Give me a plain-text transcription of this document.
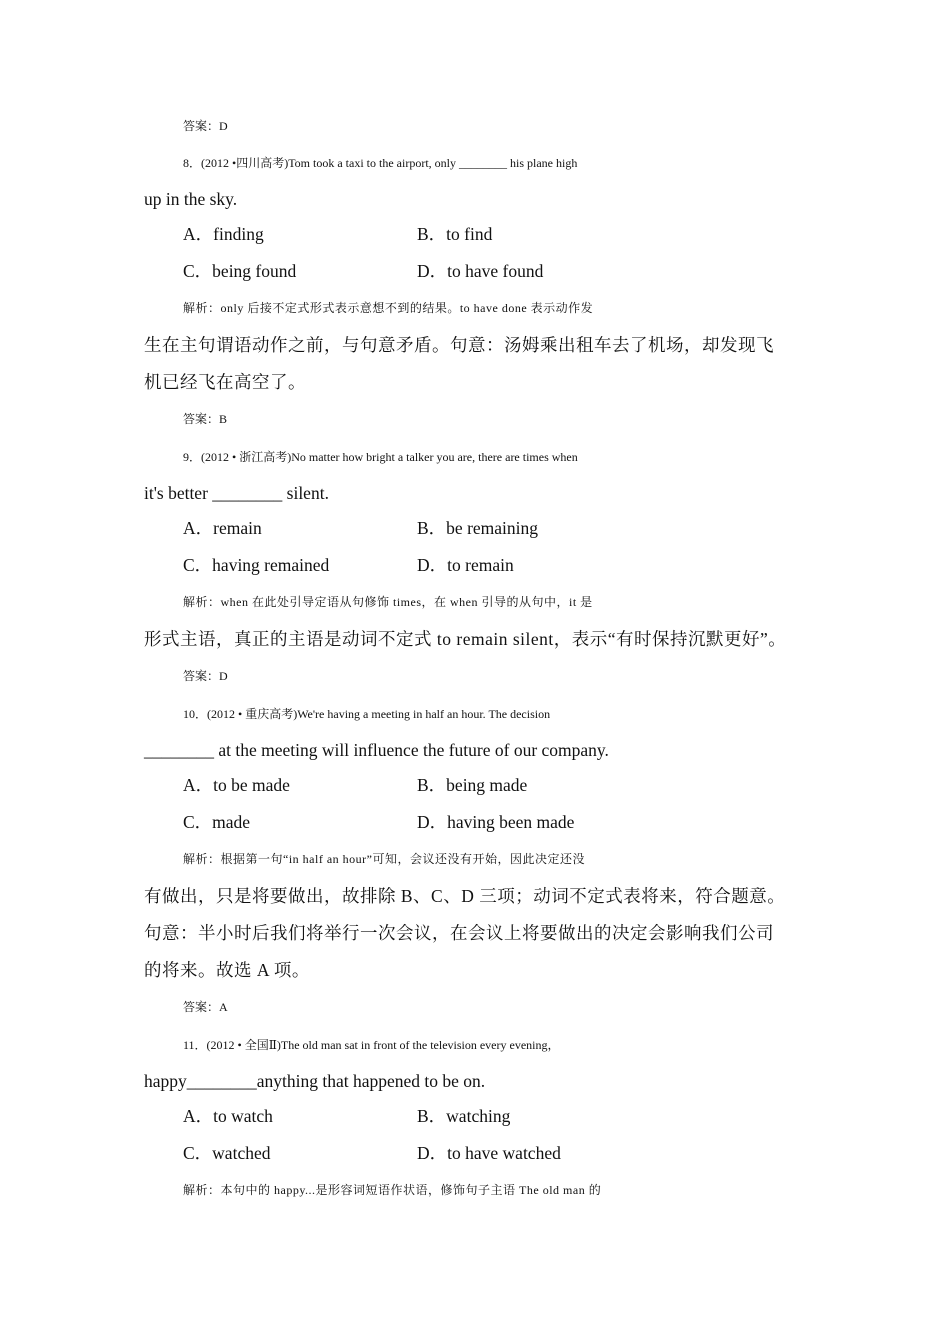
答案：D
8．(2012 •四川高考)Tom took a taxi to the airport, only ________ his plane high
up in the sky.
A．finding	B．to find
C．being found	D．to have found
解析：only 后接不定式形式表示意想不到的结果。to have done 表示动作发
生在主句谓语动作之前，与句意矛盾。句意：汤姆乘出租车去了机场，却发现飞
机已经飞在高空了。
答案：B
9．(2012 • 浙江高考)No matter how bright a talker you are, there are times when
it's better ________ silent.
A．remain	B．be remaining
C．having remained	D．to remain
解析：when 在此处引导定语从句修饰 times，在 when 引导的从句中，it 是
形式主语，真正的主语是动词不定式 to remain silent，表示“有时保持沉默更好”。
答案：D
10．(2012 • 重庆高考)We're having a meeting in half an hour. The decision
________ at the meeting will influence the future of our company.
A．to be made	B．being made
C．made	D．having been made
解析：根据第一句“in half an hour”可知，会议还没有开始，因此决定还没
有做出，只是将要做出，故排除 B、C、D 三项；动词不定式表将来，符合题意。
句意：半小时后我们将举行一次会议，在会议上将要做出的决定会影响我们公司
的将来。故选 A 项。
答案：A
11．(2012 • 全国Ⅱ)The old man sat in front of the television every evening，
happy________anything that happened to be on.
A．to watch	B．watching
C．watched	D．to have watched
解析：本句中的 happy...是形容词短语作状语，修饰句子主语 The old man 的
